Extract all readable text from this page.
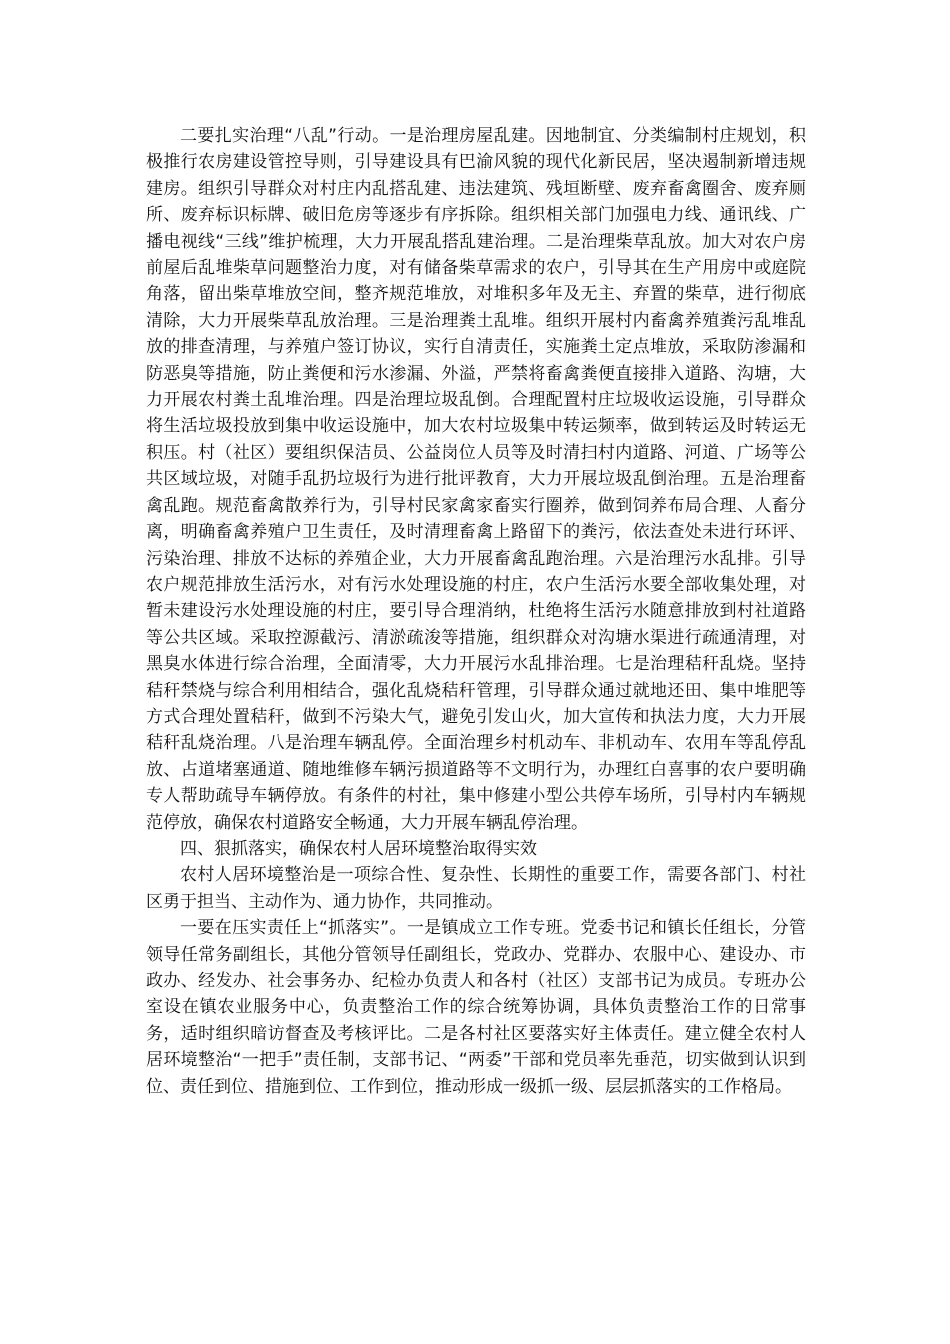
二要扎实治理“八乱”行动。一是治理房屋乱建。因地制宜、分类编制村庄规划，积极推行农房建设管控导则，引导建设具有巴渝风貌的现代化新民居，坚决遏制新增违规建房。组织引导群众对村庄内乱搭乱建、违法建筑、残垣断壁、废弃畜禽圈舍、废弃厕所、废弃标识标牌、破旧危房等逐步有序拆除。组织相关部门加强电力线、通讯线、广播电视线“三线”维护梳理，大力开展乱搭乱建治理。二是治理柴草乱放。加大对农户房前屋后乱堆柴草问题整治力度，对有储备柴草需求的农户，引导其在生产用房中或庭院角落，留出柴草堆放空间，整齐规范堆放，对堆积多年及无主、弃置的柴草，进行彻底清除，大力开展柴草乱放治理。三是治理粪土乱堆。组织开展村内畜禽养殖粪污乱堆乱放的排查清理，与养殖户签订协议，实行自清责任，实施粪土定点堆放，采取防渗漏和防恶臭等措施，防止粪便和污水渗漏、外溢，严禁将畜禽粪便直接排入道路、沟塘，大力开展农村粪土乱堆治理。四是治理垃圾乱倒。合理配置村庄垃圾收运设施，引导群众将生活垃圾投放到集中收运设施中，加大农村垃圾集中转运频率，做到转运及时转运无积压。村（社区）要组织保洁员、公益岗位人员等及时清扫村内道路、河道、广场等公共区域垃圾，对随手乱扔垃圾行为进行批评教育，大力开展垃圾乱倒治理。五是治理畜禽乱跑。规范畜禽散养行为，引导村民家禽家畜实行圈养，做到饲养布局合理、人畜分离，明确畜禽养殖户卫生责任，及时清理畜禽上路留下的粪污，依法查处未进行环评、污染治理、排放不达标的养殖企业，大力开展畜禽乱跑治理。六是治理污水乱排。引导农户规范排放生活污水，对有污水处理设施的村庄，农户生活污水要全部收集处理，对暂未建设污水处理设施的村庄，要引导合理消纳，杜绝将生活污水随意排放到村社道路等公共区域。采取控源截污、清淤疏浚等措施，组织群众对沟塘水渠进行疏通清理，对黑臭水体进行综合治理，全面清零，大力开展污水乱排治理。七是治理秸秆乱烧。坚持秸秆禁烧与综合利用相结合，强化乱烧秸秆管理，引导群众通过就地还田、集中堆肥等方式合理处置秸秆，做到不污染大气，避免引发山火，加大宣传和执法力度，大力开展秸秆乱烧治理。八是治理车辆乱停。全面治理乡村机动车、非机动车、农用车等乱停乱放、占道堵塞通道、随地维修车辆污损道路等不文明行为，办理红白喜事的农户要明确专人帮助疏导车辆停放。有条件的村社，集中修建小型公共停车场所，引导村内车辆规范停放，确保农村道路安全畅通，大力开展车辆乱停治理。

四、狠抓落实，确保农村人居环境整治取得实效

农村人居环境整治是一项综合性、复杂性、长期性的重要工作，需要各部门、村社区勇于担当、主动作为、通力协作，共同推动。

一要在压实责任上“抓落实”。一是镇成立工作专班。党委书记和镇长任组长，分管领导任常务副组长，其他分管领导任副组长，党政办、党群办、农服中心、建设办、市政办、经发办、社会事务办、纪检办负责人和各村（社区）支部书记为成员。专班办公室设在镇农业服务中心，负责整治工作的综合统筹协调，具体负责整治工作的日常事务，适时组织暗访督查及考核评比。二是各村社区要落实好主体责任。建立健全农村人居环境整治“一把手”责任制，支部书记、“两委”干部和党员率先垂范，切实做到认识到位、责任到位、措施到位、工作到位，推动形成一级抓一级、层层抓落实的工作格局。
